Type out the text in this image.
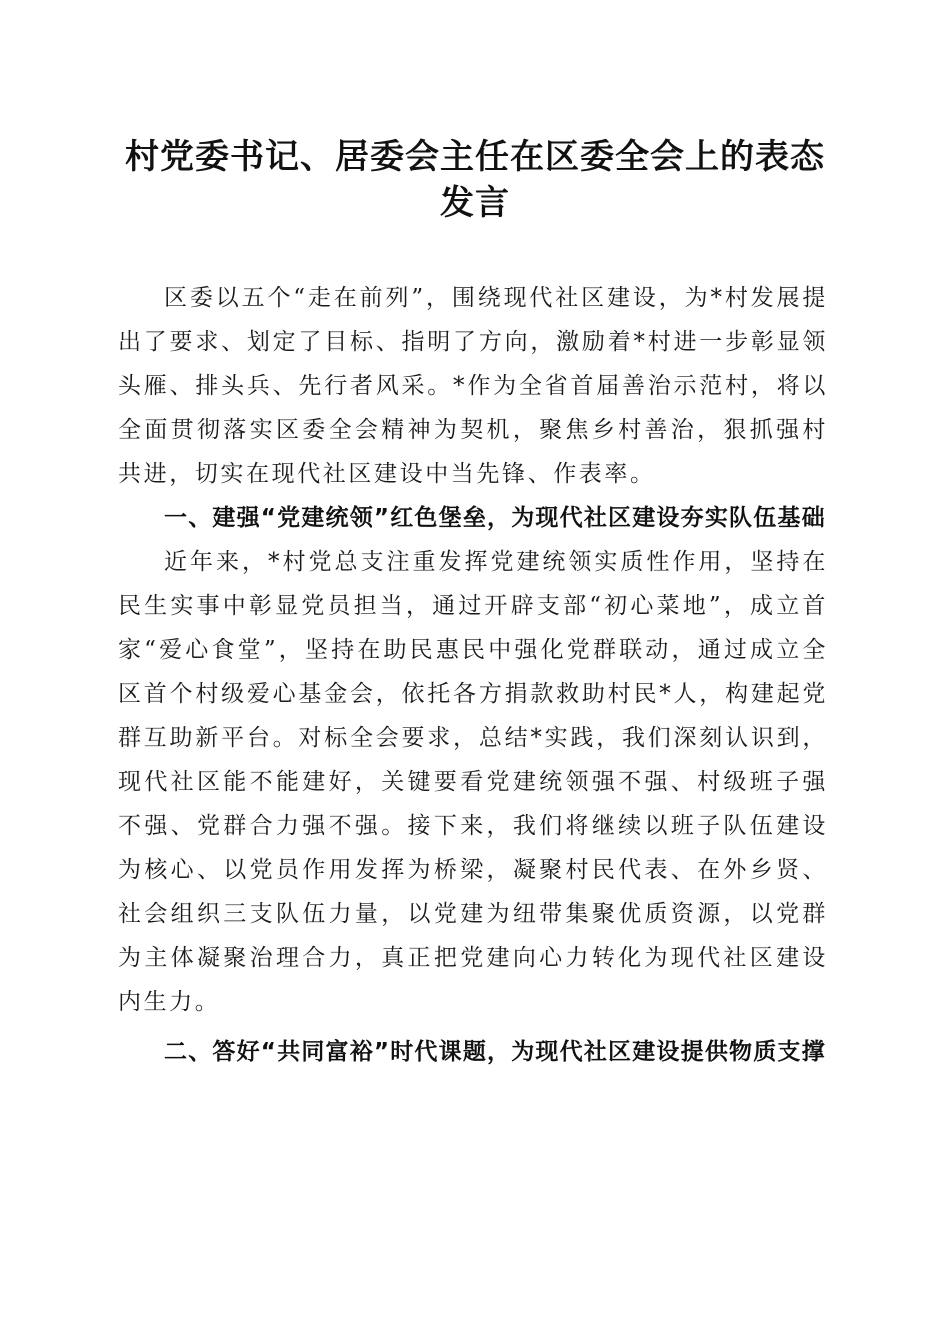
村党委书记、居委会主任在区委全会上的表态发言

区委以五个“走在前列”，围绕现代社区建设，为*村发展提出了要求、划定了目标、指明了方向，激励着*村进一步彰显领头雁、排头兵、先行者风采。*作为全省首届善治示范村，将以全面贯彻落实区委全会精神为契机，聚焦乡村善治，狠抓强村共进，切实在现代社区建设中当先锋、作表率。

一、建强“党建统领”红色堡垒，为现代社区建设夯实队伍基础

近年来，*村党总支注重发挥党建统领实质性作用，坚持在民生实事中彰显党员担当，通过开辟支部“初心菜地”，成立首家“爱心食堂”，坚持在助民惠民中强化党群联动，通过成立全区首个村级爱心基金会，依托各方捐款救助村民*人，构建起党群互助新平台。对标全会要求，总结*实践，我们深刻认识到，现代社区能不能建好，关键要看党建统领强不强、村级班子强不强、党群合力强不强。接下来，我们将继续以班子队伍建设为核心、以党员作用发挥为桥梁，凝聚村民代表、在外乡贤、社会组织三支队伍力量，以党建为纽带集聚优质资源，以党群为主体凝聚治理合力，真正把党建向心力转化为现代社区建设内生力。

二、答好“共同富裕”时代课题，为现代社区建设提供物质支撑
